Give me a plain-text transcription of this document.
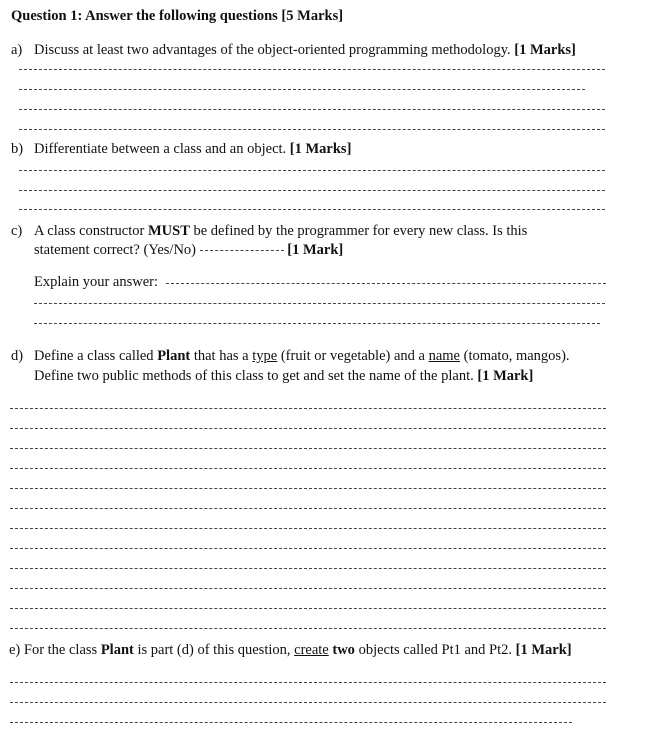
Question 1: Answer the following questions [5 Marks]
a) Discuss at least two advantages of the object-oriented programming methodology. [1 Marks]
b) Differentiate between a class and an object. [1 Marks]
c) A class constructor MUST be defined by the programmer for every new class. Is this
statement correct? (Yes/No)	[1 Mark]
Explain your answer:
d) Define a class called Plant that has a type (fruit or vegetable) and a name (tomato, mangos).
Define two public methods of this class to get and set the name of the plant. [1 Mark]
e) For the class Plant is part (d) of this question, create two objects called Pt1 and Pt2. [1 Mark]
